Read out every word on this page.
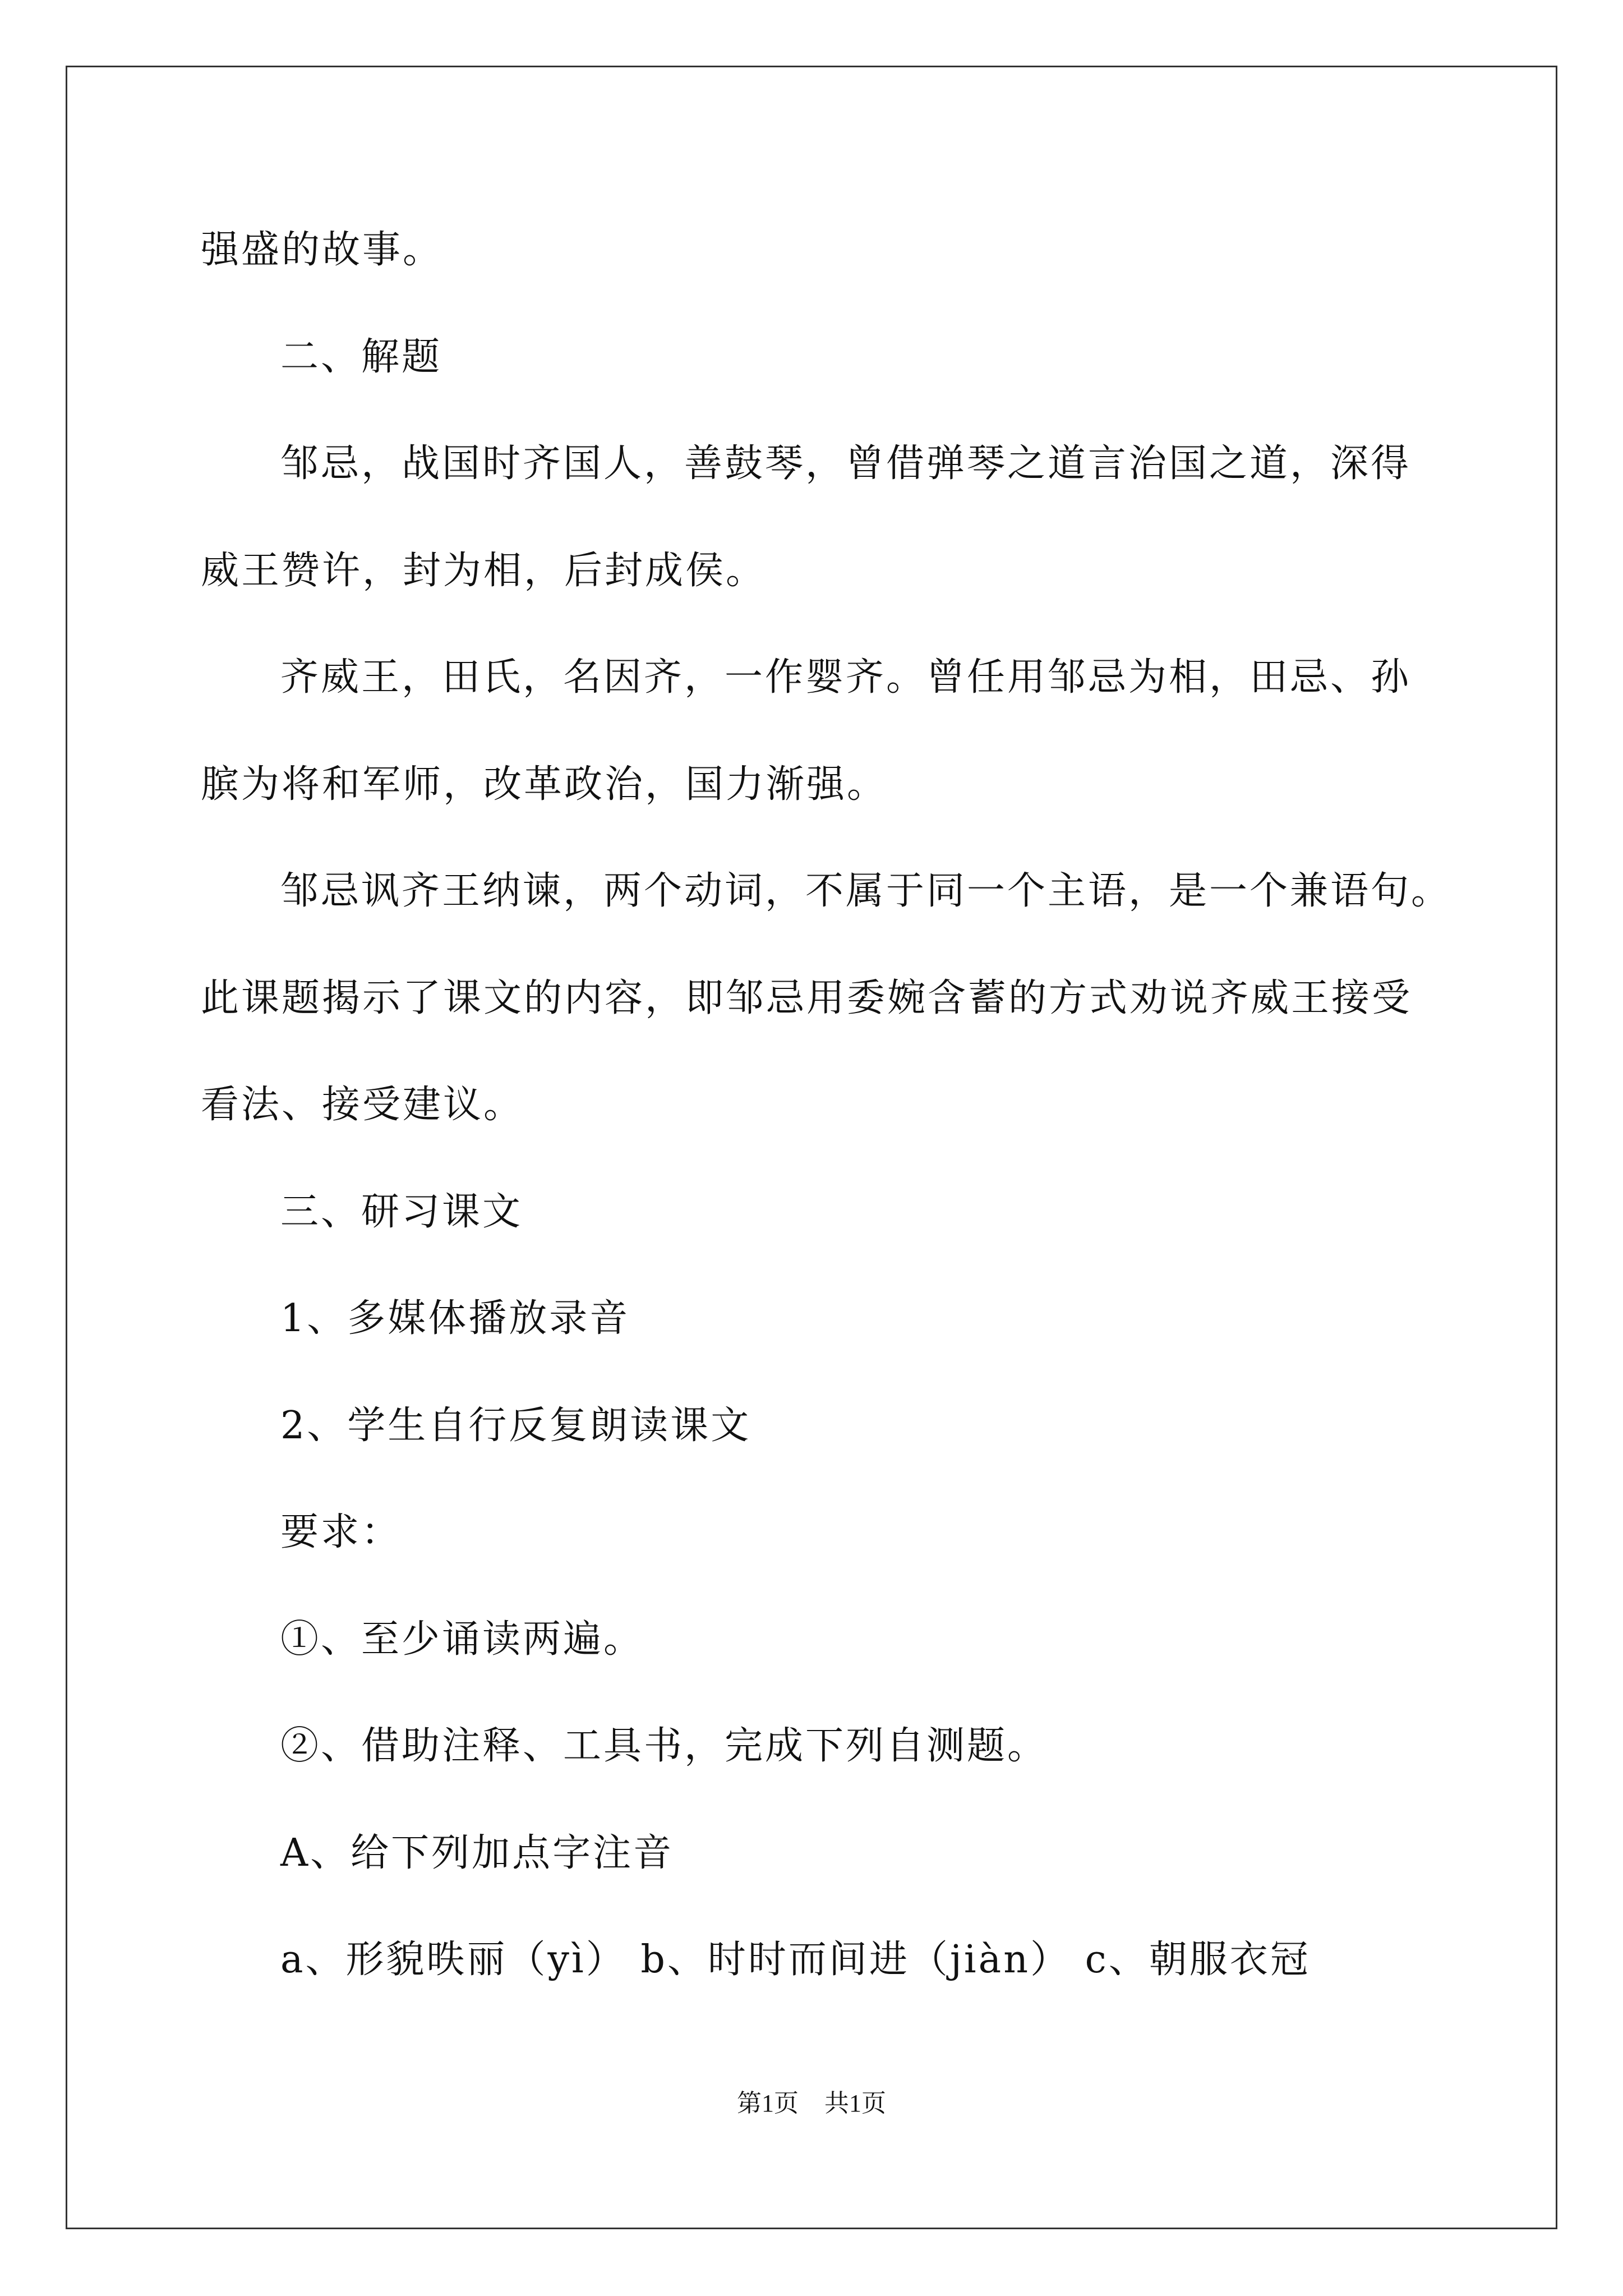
强盛的故事。
二、解题
邹忌，战国时齐国人，善鼓琴，曾借弹琴之道言治国之道，深得
威王赞许，封为相，后封成侯。
齐威王，田氏，名因齐，一作婴齐。曾任用邹忌为相，田忌、孙
膑为将和军师，改革政治，国力渐强。
邹忌讽齐王纳谏，两个动词，不属于同一个主语，是一个兼语句。
此课题揭示了课文的内容，即邹忌用委婉含蓄的方式劝说齐威王接受
看法、接受建议。
三、研习课文
1、多媒体播放录音
2、学生自行反复朗读课文
要求：
①、至少诵读两遍。
②、借助注释、工具书，完成下列自测题。
A、给下列加点字注音
a、形貌昳丽（yì） b、时时而间进（jiàn） c、朝服衣冠
第1页 共1页
